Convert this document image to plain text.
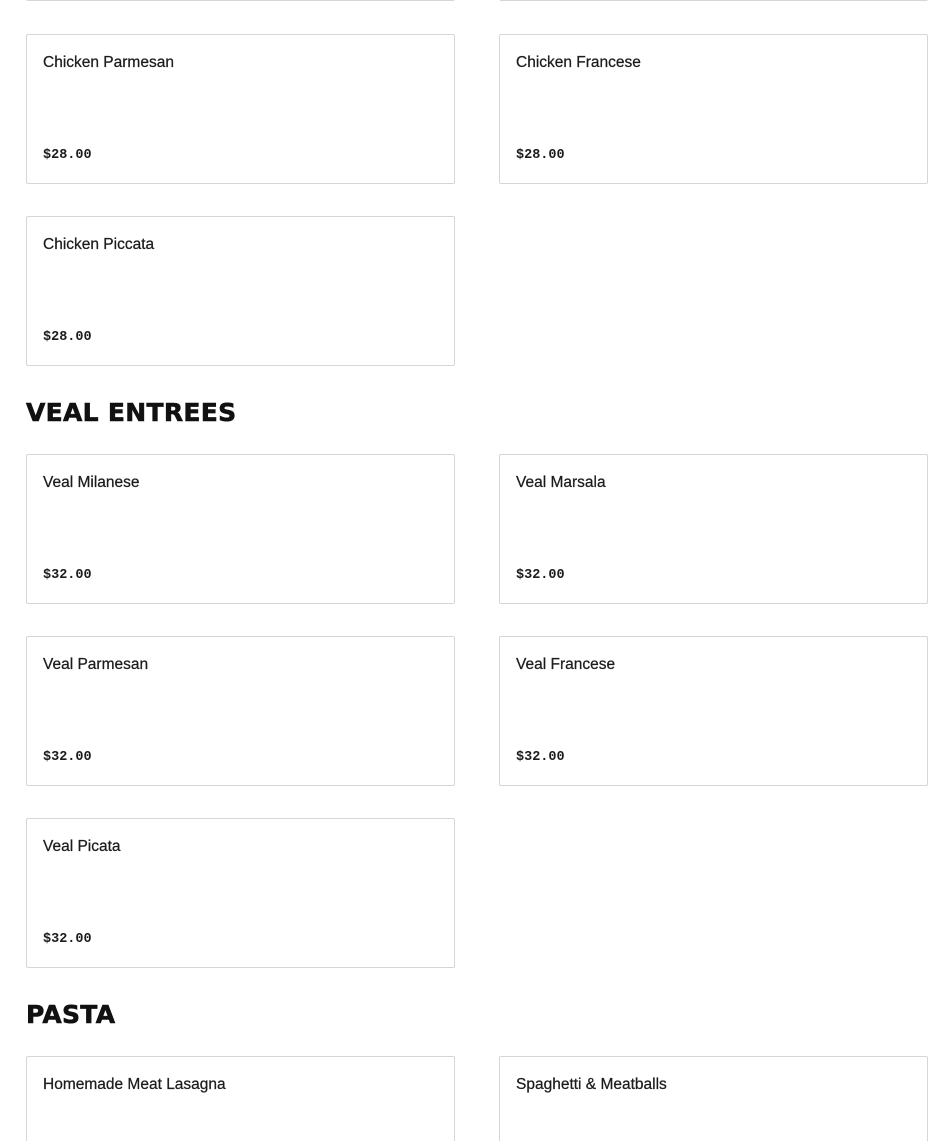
Chicken Parmesan
$28.00
Chicken Francese
$28.00
Chicken Piccata
$28.00
VEAL ENTREES
Veal Milanese
$32.00
Veal Marsala
$32.00
Veal Parmesan
$32.00
Veal Francese
$32.00
Veal Picata
$32.00
PASTA
Homemade Meat Lasagna	Spaghetti & Meatballs
